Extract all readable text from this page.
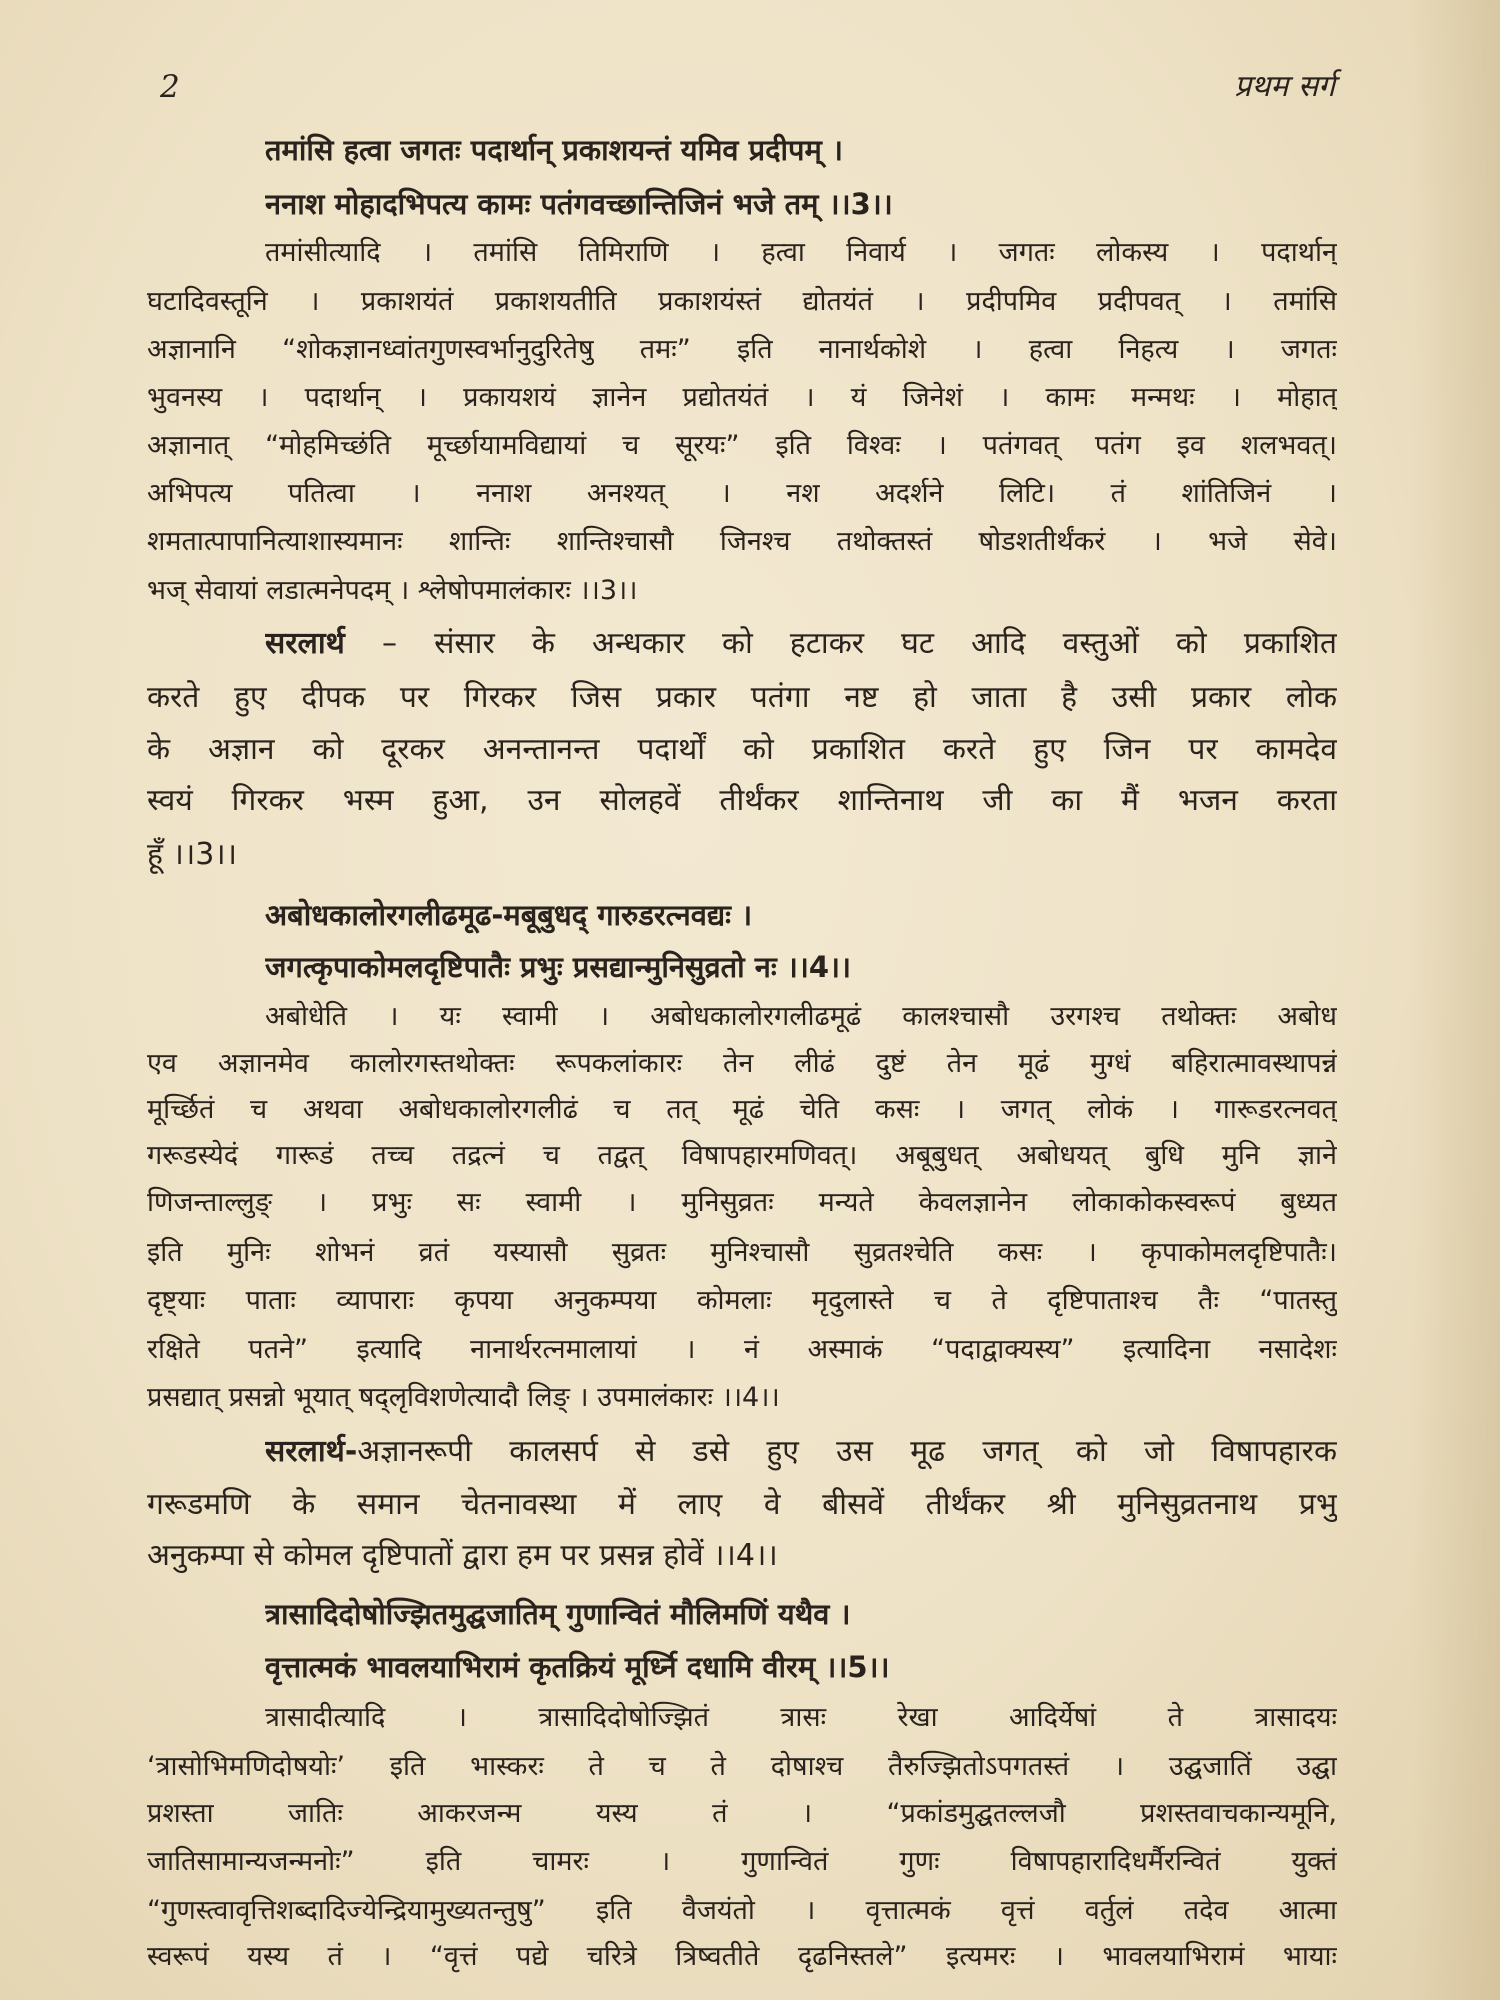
2	प्रथम सर्ग
तमांसि हत्वा जगतः पदार्थान् प्रकाशयन्तं यमिव प्रदीपम् ।
ननाश मोहादभिपत्य कामः पतंगवच्छान्तिजिनं भजे तम् ।।3।।
तमांसीत्यादि । तमांसि तिमिराणि । हत्वा निवार्य । जगतः लोकस्य । पदार्थान्
घटादिवस्तूनि । प्रकाशयंतं प्रकाशयतीति प्रकाशयंस्तं द्योतयंतं । प्रदीपमिव प्रदीपवत् । तमांसि
अज्ञानानि “शोकज्ञानध्वांतगुणस्वर्भानुदुरितेषु तमः” इति नानार्थकोशे । हत्वा निहत्य । जगतः
भुवनस्य । पदार्थान् । प्रकायशयं ज्ञानेन प्रद्योतयंतं । यं जिनेशं । कामः मन्मथः । मोहात्
अज्ञानात् “मोहमिच्छंति मूर्च्छायामविद्यायां च सूरयः” इति विश्वः । पतंगवत् पतंग इव शलभवत्।
अभिपत्य पतित्वा । ननाश अनश्यत् । नश अदर्शने लिटि। तं शांतिजिनं ।
शमतात्पापानित्याशास्यमानः शान्तिः शान्तिश्चासौ जिनश्च तथोक्तस्तं षोडशतीर्थंकरं । भजे सेवे।
भज् सेवायां लडात्मनेपदम् । श्लेषोपमालंकारः ।।3।।
सरलार्थ – संसार के अन्धकार को हटाकर घट आदि वस्तुओं को प्रकाशित
करते हुए दीपक पर गिरकर जिस प्रकार पतंगा नष्ट हो जाता है उसी प्रकार लोक
के अज्ञान को दूरकर अनन्तानन्त पदार्थों को प्रकाशित करते हुए जिन पर कामदेव
स्वयं गिरकर भस्म हुआ, उन सोलहवें तीर्थंकर शान्तिनाथ जी का मैं भजन करता
हूँ ।।3।।
अबोधकालोरगलीढमूढ-मबूबुधद् गारुडरत्नवद्यः ।
जगत्कृपाकोमलदृष्टिपातैः प्रभुः प्रसद्यान्मुनिसुव्रतो नः ।।4।।
अबोधेति । यः स्वामी । अबोधकालोरगलीढमूढं कालश्चासौ उरगश्च तथोक्तः अबोध
एव अज्ञानमेव कालोरगस्तथोक्तः रूपकलांकारः तेन लीढं दुष्टं तेन मूढं मुग्धं बहिरात्मावस्थापन्नं
मूर्च्छितं च अथवा अबोधकालोरगलीढं च तत् मूढं चेति कसः । जगत् लोकं । गारूडरत्नवत्
गरूडस्येदं गारूडं तच्च तद्रत्नं च तद्वत् विषापहारमणिवत्। अबूबुधत् अबोधयत् बुधि मुनि ज्ञाने
णिजन्ताल्लुङ् । प्रभुः सः स्वामी । मुनिसुव्रतः मन्यते केवलज्ञानेन लोकाकोकस्वरूपं बुध्यत
इति मुनिः शोभनं व्रतं यस्यासौ सुव्रतः मुनिश्चासौ सुव्रतश्चेति कसः । कृपाकोमलदृष्टिपातैः।
दृष्ट्याः पाताः व्यापाराः कृपया अनुकम्पया कोमलाः मृदुलास्ते च ते दृष्टिपाताश्च तैः “पातस्तु
रक्षिते पतने” इत्यादि नानार्थरत्नमालायां । नं अस्माकं “पदाद्वाक्यस्य” इत्यादिना नसादेशः
प्रसद्यात् प्रसन्नो भूयात् षद्लृविशणेत्यादौ लिङ् । उपमालंकारः ।।4।।
सरलार्थ-अज्ञानरूपी कालसर्प से डसे हुए उस मूढ जगत् को जो विषापहारक
गरूडमणि के समान चेतनावस्था में लाए वे बीसवें तीर्थंकर श्री मुनिसुव्रतनाथ प्रभु
अनुकम्पा से कोमल दृष्टिपातों द्वारा हम पर प्रसन्न होवें ।।4।।
त्रासादिदोषोज्झितमुद्घजातिम् गुणान्वितं मौलिमणिं यथैव ।
वृत्तात्मकं भावलयाभिरामं कृतक्रियं मूर्ध्नि दधामि वीरम् ।।5।।
त्रासादीत्यादि । त्रासादिदोषोज्झितं त्रासः रेखा आदिर्येषां ते त्रासादयः
‘त्रासोभिमणिदोषयोः’ इति भास्करः ते च ते दोषाश्च तैरुज्झितोऽपगतस्तं । उद्घजातिं उद्घा
प्रशस्ता जातिः आकरजन्म यस्य तं । “प्रकांडमुद्घतल्लजौ प्रशस्तवाचकान्यमूनि,
जातिसामान्यजन्मनोः” इति चामरः । गुणान्वितं गुणः विषापहारादिधर्मैरन्वितं युक्तं
“गुणस्त्वावृत्तिशब्दादिज्येन्द्रियामुख्यतन्तुषु” इति वैजयंतो । वृत्तात्मकं वृत्तं वर्तुलं तदेव आत्मा
स्वरूपं यस्य तं । “वृत्तं पद्ये चरित्रे त्रिष्वतीते दृढनिस्तले” इत्यमरः । भावलयाभिरामं भायाः
